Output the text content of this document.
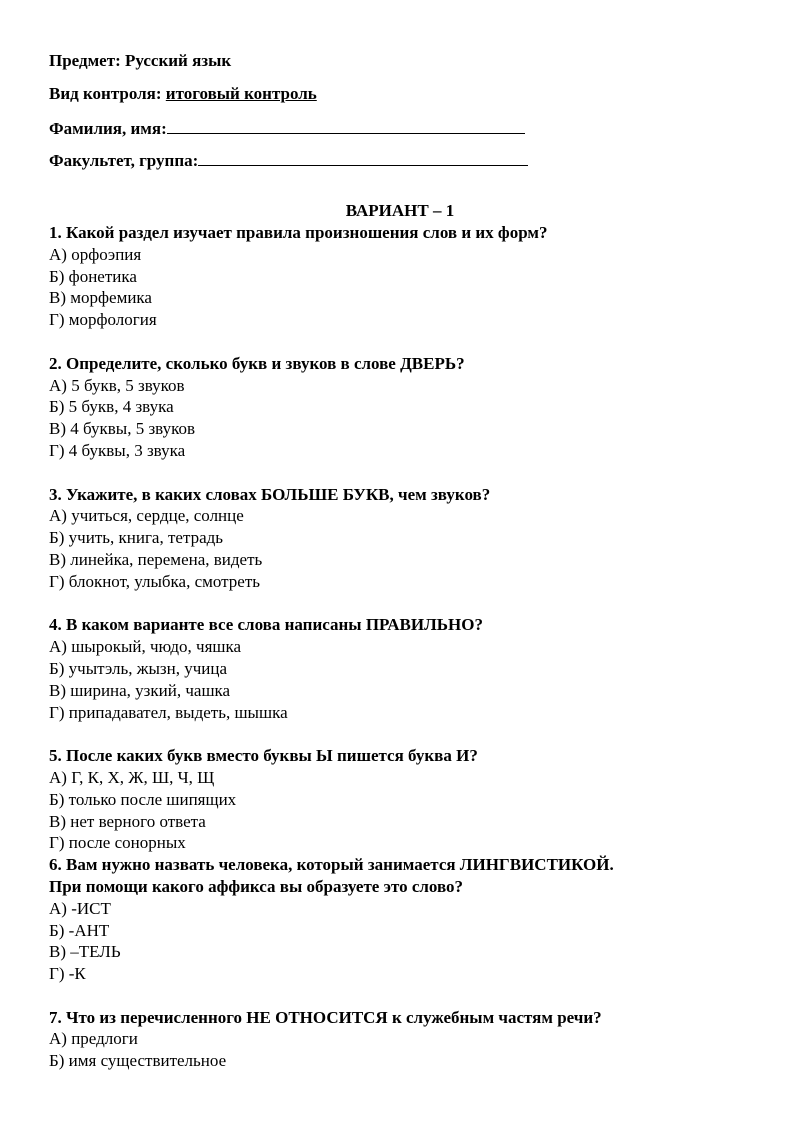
Предмет: Русский язык
Вид контроля: итоговый контроль
Фамилия, имя:
Факультет, группа:
ВАРИАНТ – 1
1. Какой раздел изучает правила произношения слов и их форм?
А) орфоэпия
Б) фонетика
В) морфемика
Г) морфология
2. Определите, сколько букв и звуков в слове ДВЕРЬ?
А) 5 букв, 5 звуков
Б) 5 букв, 4 звука
В) 4 буквы, 5 звуков
Г) 4 буквы, 3 звука
3. Укажите, в каких словах БОЛЬШЕ БУКВ, чем звуков?
А) учиться, сердце, солнце
Б) учить, книга, тетрадь
В) линейка, перемена, видеть
Г) блокнот, улыбка, смотреть
4. В каком варианте все слова написаны ПРАВИЛЬНО?
А) шырокый, чюдо, чяшка
Б) учытэль, жызн, учица
В) ширина, узкий, чашка
Г) припадавател, выдеть, шышка
5. После каких букв вместо буквы Ы пишется буква И?
А) Г, К, Х, Ж, Ш, Ч, Щ
Б) только после шипящих
В) нет верного ответа
Г) после сонорных
6. Вам нужно назвать человека, который занимается ЛИНГВИСТИКОЙ.
При помощи какого аффикса вы образуете это слово?
А) -ИСТ
Б) -АНТ
В) –ТЕЛЬ
Г) -К
7. Что из перечисленного НЕ ОТНОСИТСЯ к служебным частям речи?
А) предлоги
Б) имя существительное
